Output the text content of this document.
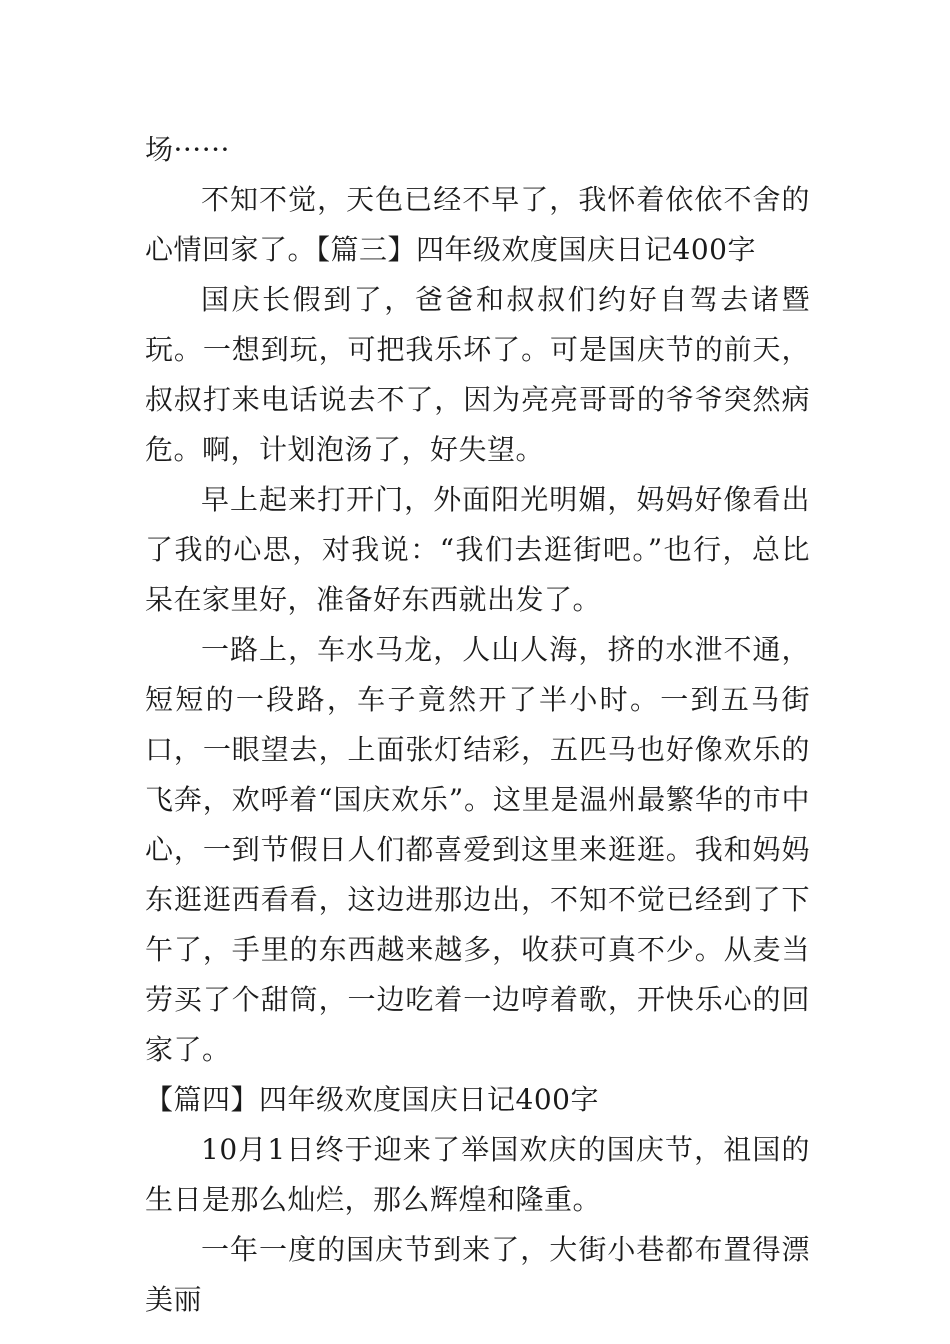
场······

不知不觉，天色已经不早了，我怀着依依不舍的心情回家了。【篇三】四年级欢度国庆日记400字

国庆长假到了，爸爸和叔叔们约好自驾去诸暨玩。一想到玩，可把我乐坏了。可是国庆节的前天，叔叔打来电话说去不了，因为亮亮哥哥的爷爷突然病危。啊，计划泡汤了，好失望。

早上起来打开门，外面阳光明媚，妈妈好像看出了我的心思，对我说：“我们去逛街吧。”也行，总比呆在家里好，准备好东西就出发了。

一路上，车水马龙，人山人海，挤的水泄不通，短短的一段路，车子竟然开了半小时。一到五马街口，一眼望去，上面张灯结彩，五匹马也好像欢乐的飞奔，欢呼着“国庆欢乐”。这里是温州最繁华的市中心，一到节假日人们都喜爱到这里来逛逛。我和妈妈东逛逛西看看，这边进那边出，不知不觉已经到了下午了，手里的东西越来越多，收获可真不少。从麦当劳买了个甜筒，一边吃着一边哼着歌，开快乐心的回家了。

【篇四】四年级欢度国庆日记400字

10月1日终于迎来了举国欢庆的国庆节，祖国的生日是那么灿烂，那么辉煌和隆重。

一年一度的国庆节到来了，大街小巷都布置得漂美丽
